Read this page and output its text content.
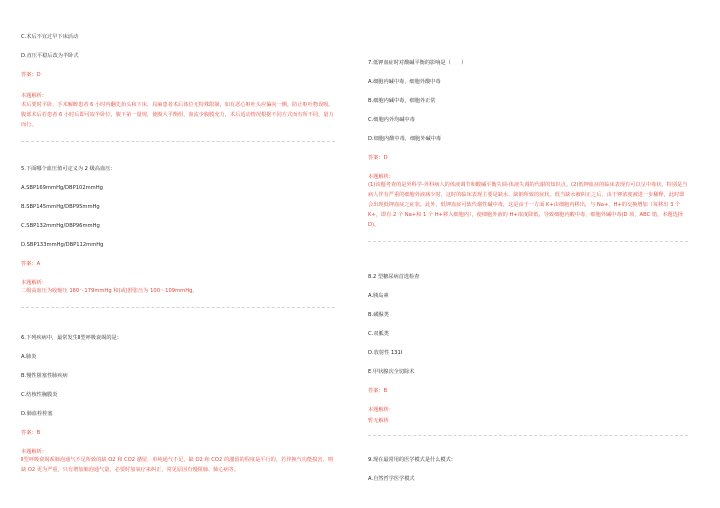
C.术后不宜过早下床活动
D.直压平稳后改为半卧式
答案：D
本题解析：
术后要时平卧，手术解醉患者 6 小时内翻先抬头和下床，局麻患者术后体位无特殊限制，如有恶心呕吐头应偏向一侧，防止呕吐物误吸。腹部术后若患者 6 小时后即可取半卧位，腹下第一量规，使腹大平衡组，血流少腹膜充力，术后适动情况根据不同方式而有所不同，量力而行。
5.下面哪个血压值可定义为 2 级高血压：
A.SBP169mmHg/DBP102mmHg
B.SBP145mmHg/DBP95mmHg
C.SBP132mmHg/DBP96mmHg
D.SBP133mmHg/DBP112mmHg
答案：A
本题解析：
二级高血压为收缩压 160～179mmHg 和(或)舒张压为 100～109mmHg。
6.下列疾病中，最常发生Ⅱ型呼吸衰竭的是：
A.肺炎
B.慢性阻塞性肺疾病
C.结核性胸膜炎
D.肺血栓栓塞
答案：B
本题解析：
Ⅱ型呼吸衰竭系肺泡通气不足所致的缺 O2 和 CO2 潴留，单纯通气不足，缺 O2 和 CO2 的潴留的程度是平行的，若伴换气功能损害，则缺 O2 更为严重，只有增加肺泡通气量，必要时加氧疗来纠正，常见原因有慢阻肺、肺心病等。
7.低钾血症时对酸碱平衡的影响是（　　）
A.细胞内碱中毒，细胞外酸中毒
B.细胞内碱中毒，细胞外正常
C.细胞内外均碱中毒
D.细胞内酸中毒，细胞外碱中毒
答案：D
本题解析：
(1)该题考查的是外科学-外科病人的体液调节和酸碱平衡失调-体液失调的代谢的知识点。(2)低钾血症的临床表现有可以呈中毒状，特别是当病人伴有严重的细胞外液减少时，这时的临床表现主要是缺水、缺钠所致的症状。低当缺水被纠正之后，由于钾浓度被进一步稀释，此时即会出现低钾血症之症状。此外，低钾血症可致代谢性碱中毒，这是由于一方面 K+由细胞内移出，与 Na+、H+的交换增加（每移出 3 个 K+，即有 2 个 Na+和 1 个 H+移入细胞内），使细胞外液的 H+浓度降低，导致细胞内酸中毒，细胞外碱中毒(D 项，ABC 错，本题选择 D)。
8.2 型糖尿病首选检查
A.胰岛素
B.磺脲类
C.双胍类
D.放射性 131I
E.甲状腺次全切除术
答案：B
本题解析：
暂无解析
9.现在最常用的医学模式是什么模式：
A.自然哲学医学模式
